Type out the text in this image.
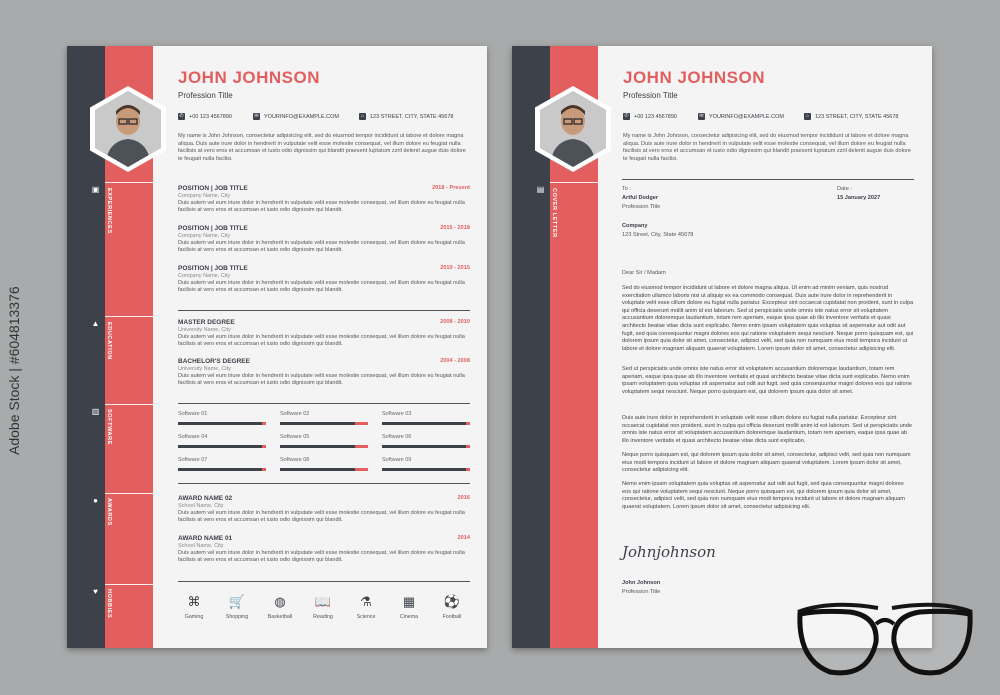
Adobe Stock | #604813376
JOHN JOHNSON
Profession Title
✆ +00 123 4567890	✉ YOURINFO@EXAMPLE.COM	⌂	123 STREET, CITY, STATE 45678
My name is John Johnson, consectetur adipisicing elit, sed do eiusmod tempor incididunt ut labore et dolore magna aliqua. Duis aute irure dolor in hendrerit in vulputate velit esse molestie consequat, vel illum dolore eu feugiat nulla facilisis at vero eros et accumsan et iusto odio dignissim qui blandit praesent luptatum zzril delenit augue duis dolore te feugait nulla facilisi.
▣ EXPERIENCES
▲ EDUCATION
▥ SOFTWARE
●	AWARDS
♥	HOBBIES
POSITION | JOB TITLE	2018 - Present
Company Name, City
Duis autem vel eum iriure dolor in hendrerit in vulputate velit esse molestie consequat, vel illum dolore eu feugiat nulla facilisis at vero eros et accumsan et iusto odio dignissim qui blandit.
POSITION | JOB TITLE	2015 - 2018
Company Name, City
Duis autem vel eum iriure dolor in hendrerit in vulputate velit esse molestie consequat, vel illum dolore eu feugiat nulla facilisis at vero eros et accumsan et iusto odio dignissim qui blandit.
POSITION | JOB TITLE	2010 - 2015
Company Name, City
Duis autem vel eum iriure dolor in hendrerit in vulputate velit esse molestie consequat, vel illum dolore eu feugiat nulla facilisis at vero eros et accumsan et iusto odio dignissim qui blandit.
MASTER DEGREE	2008 - 2010
University Name, City
Duis autem vel eum iriure dolor in hendrerit in vulputate velit esse molestie consequat, vel illum dolore eu feugiat nulla facilisis at vero eros et accumsan et iusto odio dignissim qui blandit.
BACHELOR'S DEGREE	2004 - 2008
University Name, City
Duis autem vel eum iriure dolor in hendrerit in vulputate velit esse molestie consequat, vel illum dolore eu feugiat nulla facilisis at vero eros et accumsan et iusto odio dignissim qui blandit.
Software 01	Software 02	Software 03
Software 04	Software 05	Software 06
Software 07	Software 08	Software 09
AWARD NAME 02	2016
School Name, City
Duis autem vel eum iriure dolor in hendrerit in vulputate velit esse molestie consequat, vel illum dolore eu feugiat nulla facilisis at vero eros et accumsan et iusto odio dignissim qui blandit.
AWARD NAME 01	2014
School Name, City
Duis autem vel eum iriure dolor in hendrerit in vulputate velit esse molestie consequat, vel illum dolore eu feugiat nulla facilisis at vero eros et accumsan et iusto odio dignissim qui blandit.
⌘
Gaming
🛒
Shopping
◍
Basketball
📖
Reading
⚗
Science
▦
Cinema
⚽
Football
JOHN JOHNSON
Profession Title
✆ +00 123 4567890	✉ YOURINFO@EXAMPLE.COM	⌂	123 STREET, CITY, STATE 45678
My name is John Johnson, consectetur adipisicing elit, sed do eiusmod tempor incididunt ut labore et dolore magna aliqua. Duis aute irure dolor in hendrerit in vulputate velit esse molestie consequat, vel illum dolore eu feugiat nulla facilisis at vero eros et accumsan et iusto odio dignissim qui blandit praesent luptatum zzril delenit augue duis dolore te feugait nulla facilisi.
▤ COVER LETTER	To :
Artful Dodger
Profession Title
Date :
15 January 2027
Company
123 Street, City, State 45678
Dear Sir / Madam
Sed do eiusmod tempor incididunt ut labore et dolore magna aliqua. Ut enim ad minim veniam, quis nostrud exercitation ullamco laboris nisi ut aliquip ex ea commodo consequat. Duis aute irure dolor in reprehenderit in voluptate velit esse cillum dolore eu fugiat nulla pariatur. Excepteur sint occaecat cupidatat non proident, sunt in culpa qui officia deserunt mollit anim id est laborum. Sed ut perspiciatis unde omnis iste natus error sit voluptatem accusantium doloremque laudantium, totam rem aperiam, eaque ipsa quae ab illo inventore veritatis et quasi architecto beatae vitae dicta sunt explicabo. Nemo enim ipsam voluptatem quia voluptas sit aspernatur aut odit aut fugit, sed quia consequuntur magni dolores eos qui ratione voluptatem sequi nesciunt. Neque porro quisquam est, qui dolorem ipsum quia dolor sit amet, consectetur, adipisci velit, sed quia non numquam eius modi tempora incidunt ut labore et dolore magnam aliquam quaerat voluptatem. Lorem ipsum dolor sit amet, consectetur adipisicing elit.
Sed ut perspiciatis unde omnis iste natus error sit voluptatem accusantium doloremque laudantium, totam rem aperiam, eaque ipsa quae ab illo inventore veritatis et quasi architecto beatae vitae dicta sunt explicabo. Nemo enim ipsam voluptatem quia voluptas sit aspernatur aut odit aut fugit, sed quia consequuntur magni dolores eos qui ratione voluptatem sequi nesciunt. Neque porro quisquam est, qui dolorem ipsum quia dolor sit amet.
Duis aute irure dolor in reprehenderit in voluptate velit esse cillum dolore eu fugiat nulla pariatur. Excepteur sint occaecat cupidatat non proident, sunt in culpa qui officia deserunt mollit anim id est laborum. Sed ut perspiciatis unde omnis iste natus error sit voluptatem accusantium doloremque laudantium, totam rem aperiam, eaque ipsa quae ab illo inventore veritatis et quasi architecto beatae vitae dicta sunt explicabo.
Neque porro quisquam est, qui dolorem ipsum quia dolor sit amet, consectetur, adipisci velit, sed quia non numquam eius modi tempora incidunt ut labore et dolore magnam aliquam quaerat voluptatem. Lorem ipsum dolor sit amet, consectetur adipisicing elit.
Nemo enim ipsam voluptatem quia voluptas sit aspernatur aut odit aut fugit, sed quia consequuntur magni dolores eos qui ratione voluptatem sequi nesciunt. Neque porro quisquam est, qui dolorem ipsum quia dolor sit amet, consectetur, adipisci velit, sed quia non numquam eius modi tempora incidunt ut labore et dolore magnam aliquam quaerat voluptatem. Lorem ipsum dolor sit amet, consectetur adipisicing elit.
Johnjohnson
John Johnson
Profession Title
